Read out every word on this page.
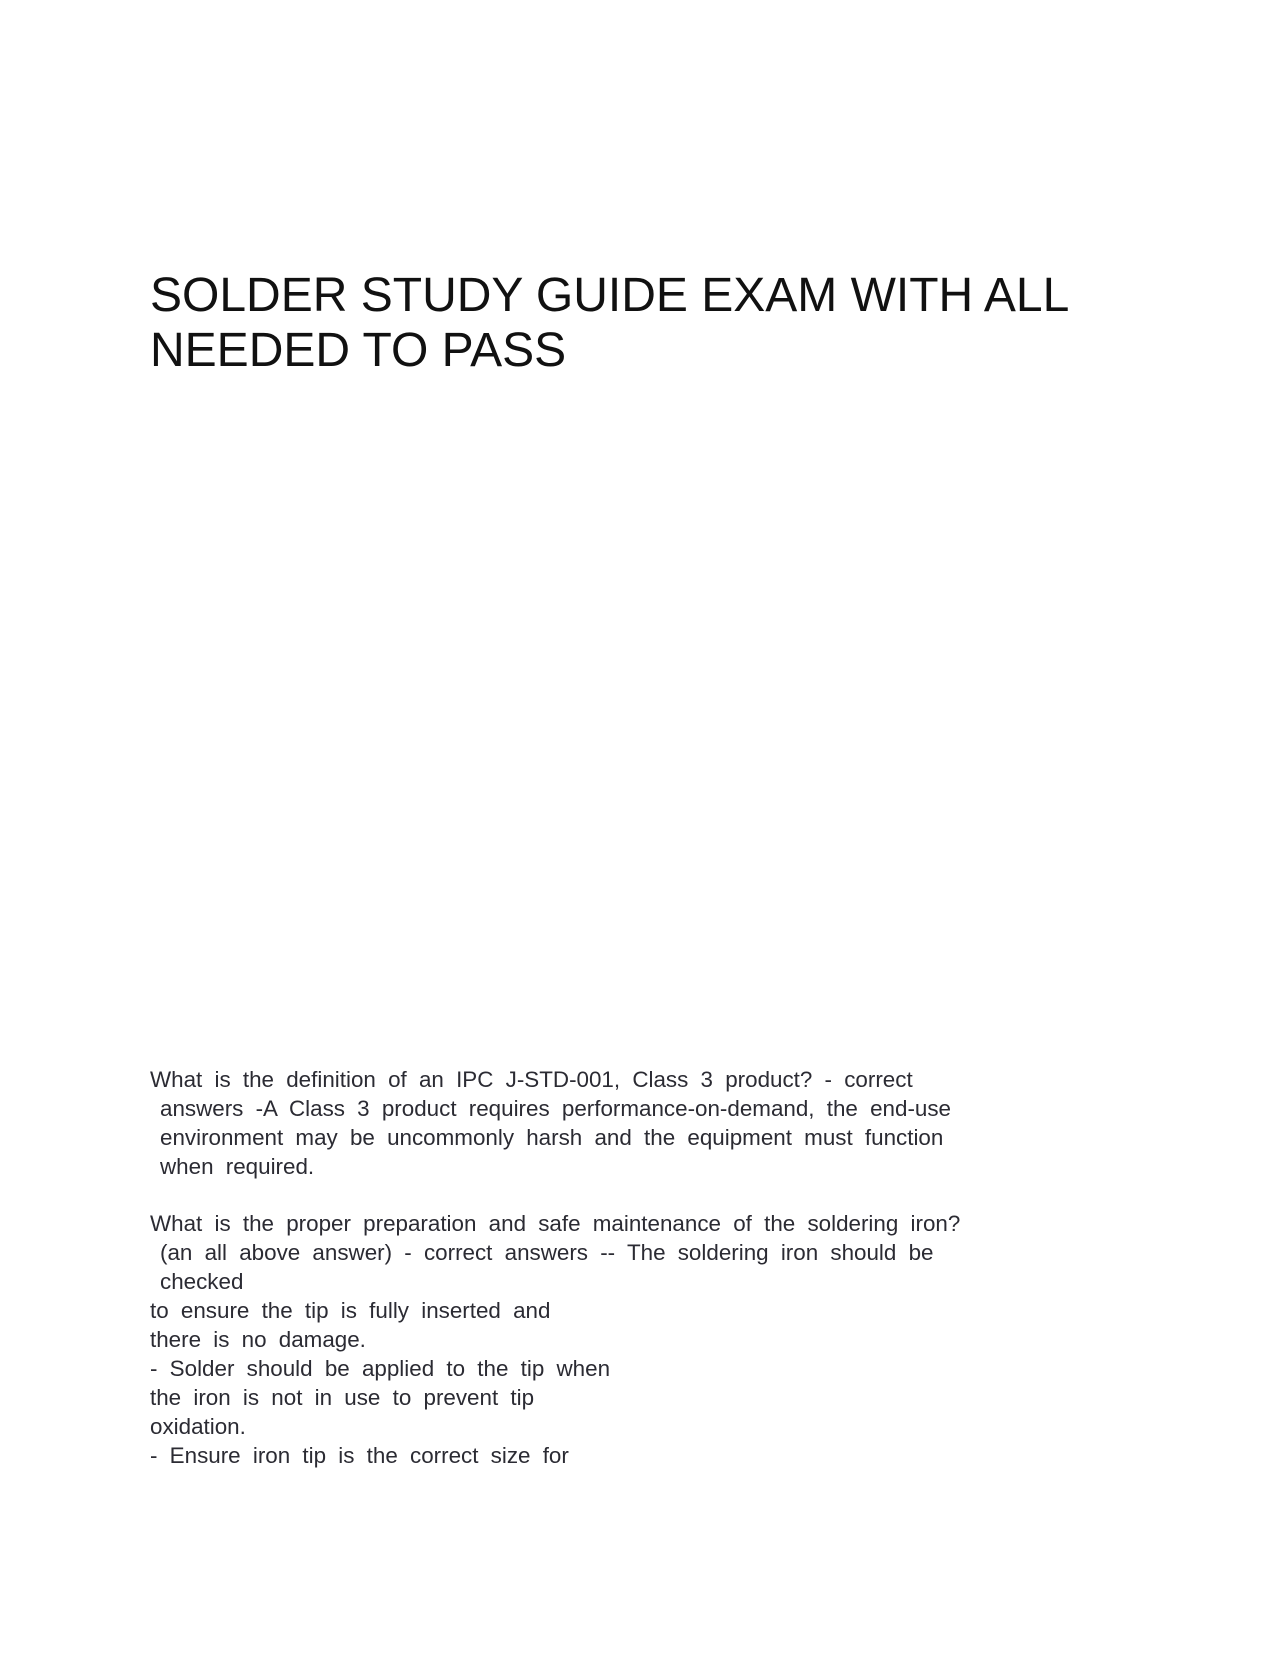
SOLDER STUDY GUIDE EXAM WITH ALL
NEEDED TO PASS
What is the definition of an IPC J-STD-001, Class 3 product? - correct
answers -A Class 3 product requires performance-on-demand, the end-use
environment may be uncommonly harsh and the equipment must function
when required.
What is the proper preparation and safe maintenance of the soldering iron?
(an all above answer) - correct answers -- The soldering iron should be
checked
to ensure the tip is fully inserted and
there is no damage.
- Solder should be applied to the tip when
the iron is not in use to prevent tip
oxidation.
- Ensure iron tip is the correct size for
